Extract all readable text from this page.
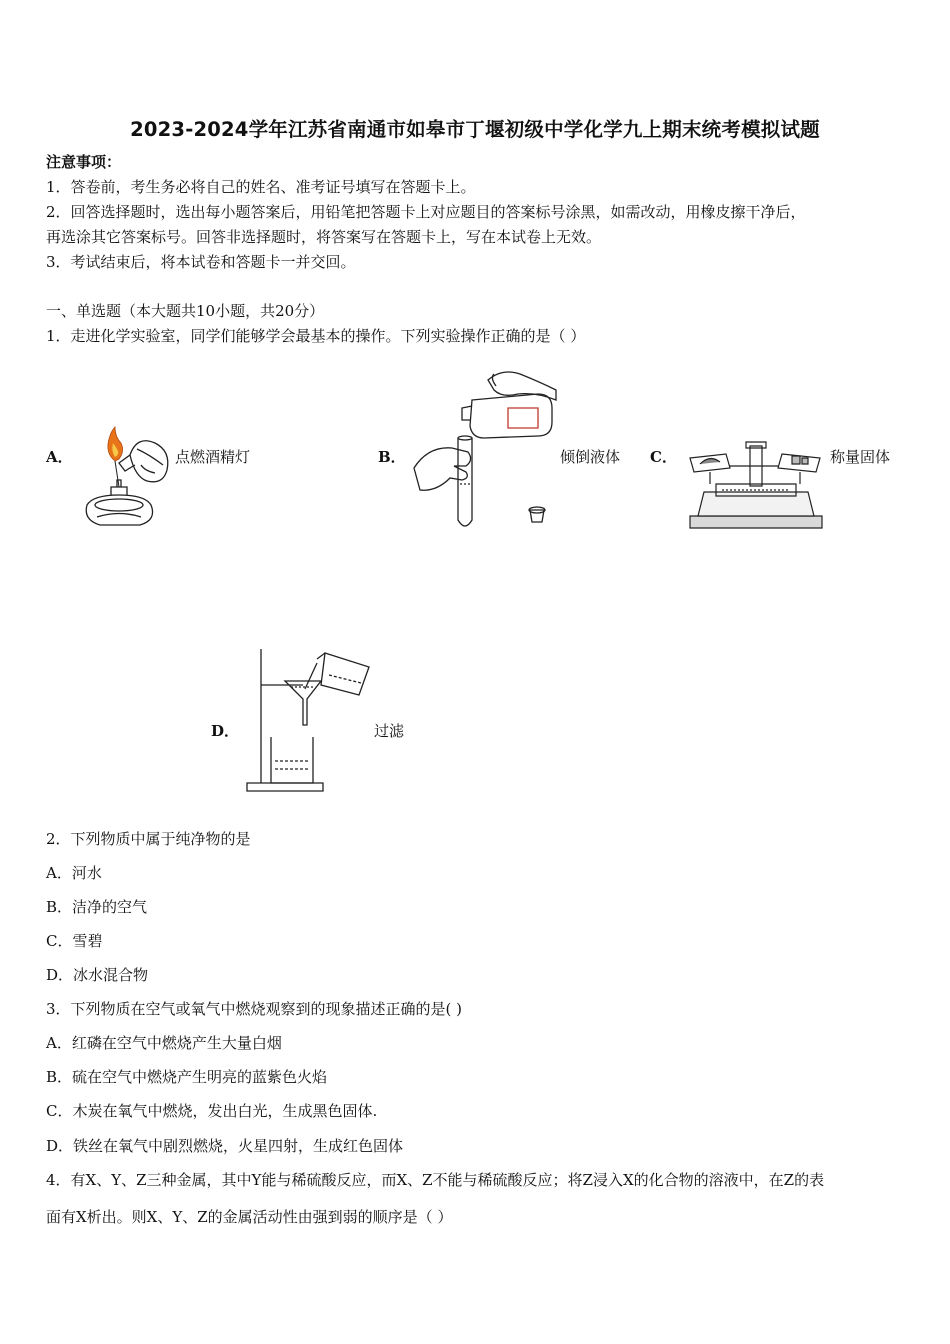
2023-2024学年江苏省南通市如皋市丁堰初级中学化学九上期末统考模拟试题
注意事项：
1．答卷前，考生务必将自己的姓名、准考证号填写在答题卡上。
2．回答选择题时，选出每小题答案后，用铅笔把答题卡上对应题目的答案标号涂黑，如需改动，用橡皮擦干净后，
再选涂其它答案标号。回答非选择题时，将答案写在答题卡上，写在本试卷上无效。
3．考试结束后，将本试卷和答题卡一并交回。
一、单选题（本大题共10小题，共20分）
1．走进化学实验室，同学们能够学会最基本的操作。下列实验操作正确的是（ ）
A．	点燃酒精灯	B．	倾倒液体 C．	称量固体
D．	过滤
2．下列物质中属于纯净物的是
A．河水
B．洁净的空气
C．雪碧
D．冰水混合物
3．下列物质在空气或氧气中燃烧观察到的现象描述正确的是( )
A．红磷在空气中燃烧产生大量白烟
B．硫在空气中燃烧产生明亮的蓝紫色火焰
C．木炭在氧气中燃烧，发出白光，生成黑色固体.
D．铁丝在氧气中剧烈燃烧，火星四射，生成红色固体
4．有X、Y、Z三种金属，其中Y能与稀硫酸反应，而X、Z不能与稀硫酸反应；将Z浸入X的化合物的溶液中，在Z的表
面有X析出。则X、Y、Z的金属活动性由强到弱的顺序是（ ）
